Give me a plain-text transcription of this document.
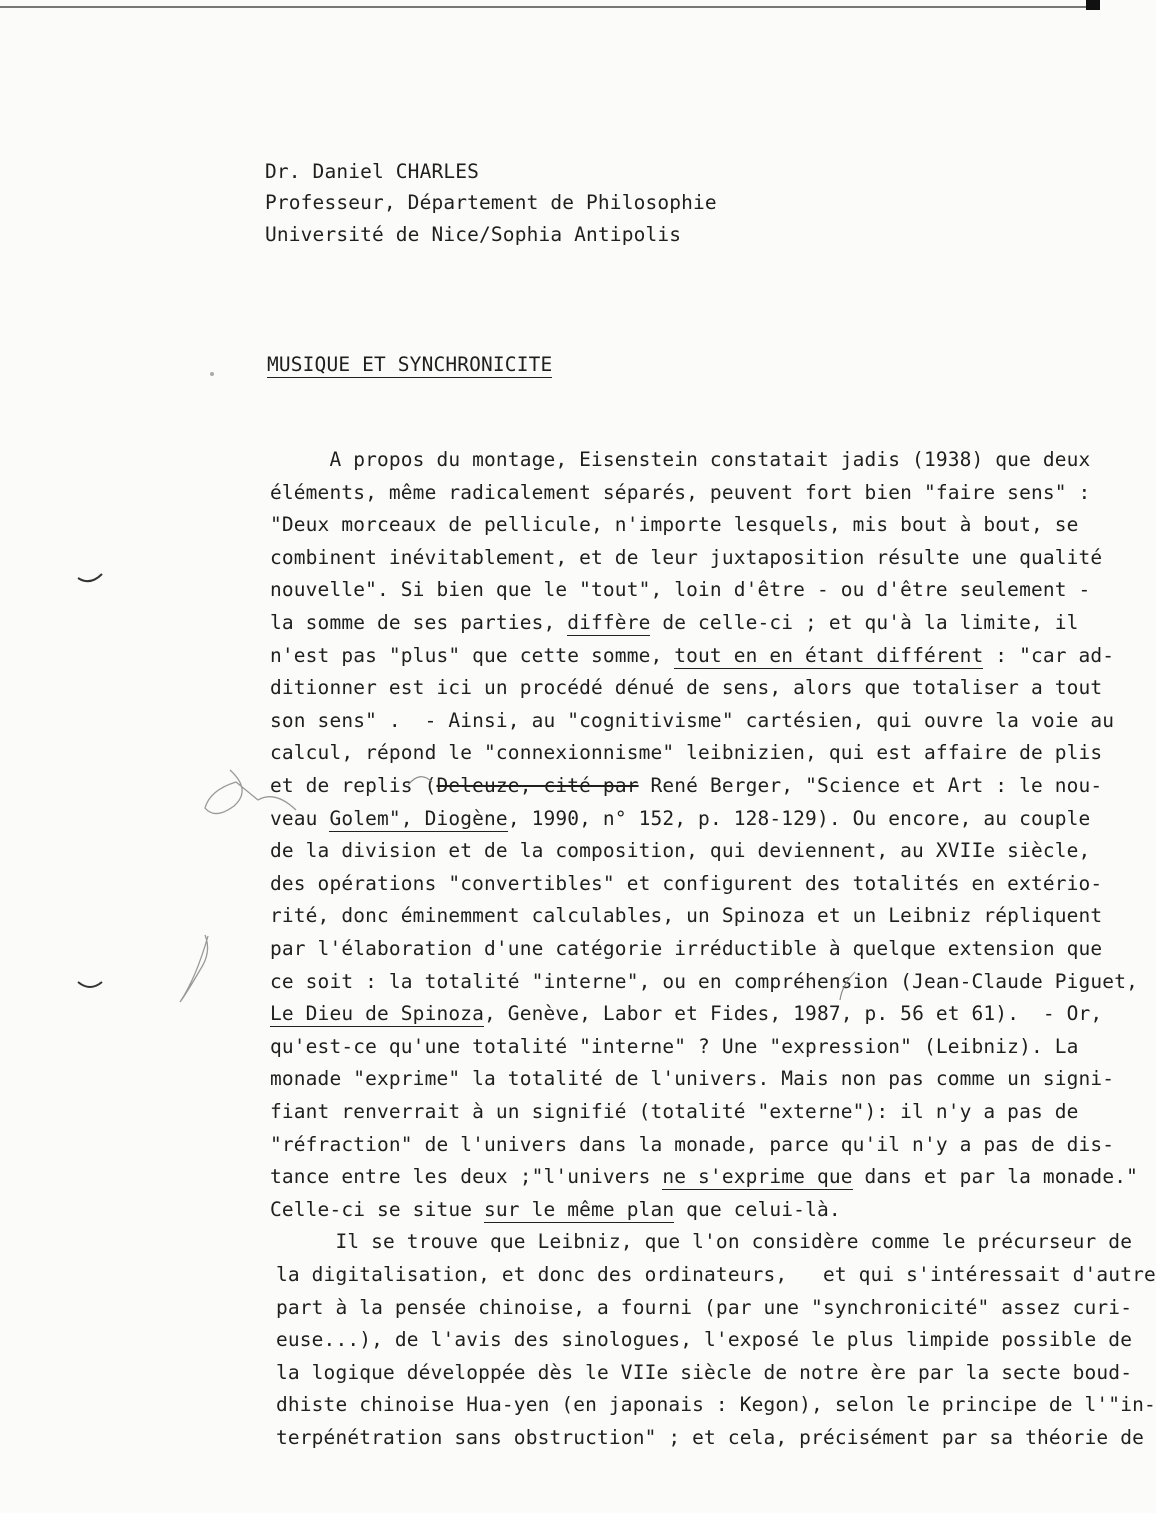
Dr. Daniel CHARLES
Professeur, Département de Philosophie
Université de Nice/Sophia Antipolis
MUSIQUE ET SYNCHRONICITE
A propos du montage, Eisenstein constatait jadis (1938) que deux
éléments, même radicalement séparés, peuvent fort bien "faire sens" :
"Deux morceaux de pellicule, n'importe lesquels, mis bout à bout, se
combinent inévitablement, et de leur juxtaposition résulte une qualité
nouvelle". Si bien que le "tout", loin d'être - ou d'être seulement -
la somme de ses parties, diffère de celle-ci ; et qu'à la limite, il
n'est pas "plus" que cette somme, tout en en étant différent : "car ad-
ditionner est ici un procédé dénué de sens, alors que totaliser a tout
son sens" .  - Ainsi, au "cognitivisme" cartésien, qui ouvre la voie au
calcul, répond le "connexionnisme" leibnizien, qui est affaire de plis
et de replis (Deleuze, cité par René Berger, "Science et Art : le nou-
veau Golem", Diogène, 1990, n° 152, p. 128-129). Ou encore, au couple
de la division et de la composition, qui deviennent, au XVIIe siècle,
des opérations "convertibles" et configurent des totalités en extério-
rité, donc éminemment calculables, un Spinoza et un Leibniz répliquent
par l'élaboration d'une catégorie irréductible à quelque extension que
ce soit : la totalité "interne", ou en compréhension (Jean-Claude Piguet,
Le Dieu de Spinoza, Genève, Labor et Fides, 1987, p. 56 et 61).  - Or,
qu'est-ce qu'une totalité "interne" ? Une "expression" (Leibniz). La
monade "exprime" la totalité de l'univers. Mais non pas comme un signi-
fiant renverrait à un signifié (totalité "externe"): il n'y a pas de
"réfraction" de l'univers dans la monade, parce qu'il n'y a pas de dis-
tance entre les deux ;"l'univers ne s'exprime que dans et par la monade."
Celle-ci se situe sur le même plan que celui-là.
Il se trouve que Leibniz, que l'on considère comme le précurseur de
la digitalisation, et donc des ordinateurs,   et qui s'intéressait d'autre
part à la pensée chinoise, a fourni (par une "synchronicité" assez curi-
euse...), de l'avis des sinologues, l'exposé le plus limpide possible de
la logique développée dès le VIIe siècle de notre ère par la secte boud-
dhiste chinoise Hua-yen (en japonais : Kegon), selon le principe de l'"in-
terpénétration sans obstruction" ; et cela, précisément par sa théorie de
